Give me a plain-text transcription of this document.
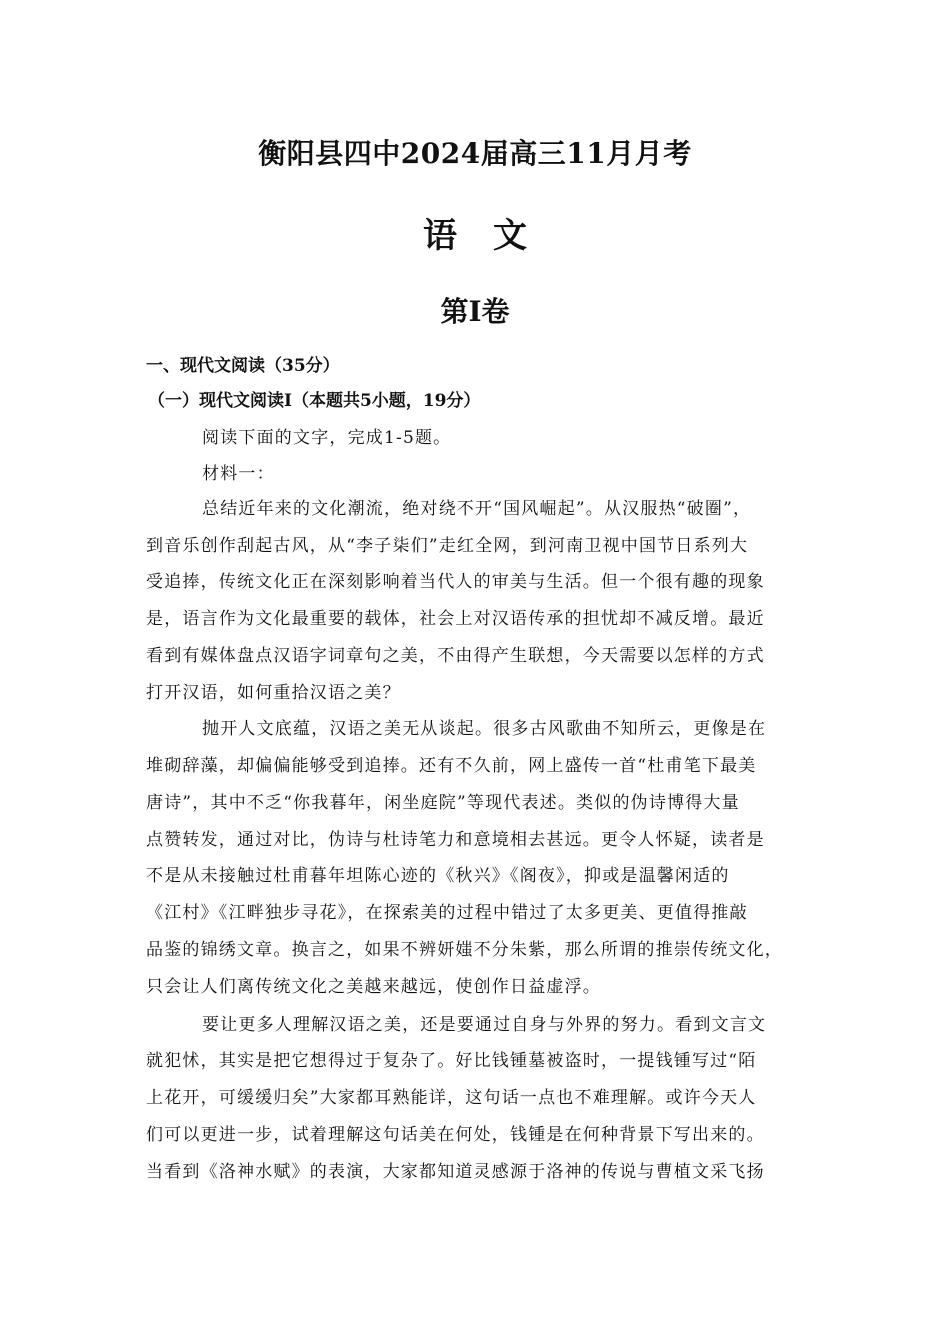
衡阳县四中2024届高三11月月考
语文
第Ⅰ卷
一、现代文阅读（35分）
（一）现代文阅读Ⅰ（本题共5小题，19分）
阅读下面的文字，完成1-5题。
材料一：
总结近年来的文化潮流，绝对绕不开“国风崛起”。从汉服热“破圈”，
到音乐创作刮起古风，从“李子柒们”走红全网，到河南卫视中国节日系列大
受追捧，传统文化正在深刻影响着当代人的审美与生活。但一个很有趣的现象
是，语言作为文化最重要的载体，社会上对汉语传承的担忧却不减反增。最近
看到有媒体盘点汉语字词章句之美，不由得产生联想，今天需要以怎样的方式
打开汉语，如何重拾汉语之美？
抛开人文底蕴，汉语之美无从谈起。很多古风歌曲不知所云，更像是在
堆砌辞藻，却偏偏能够受到追捧。还有不久前，网上盛传一首“杜甫笔下最美
唐诗”，其中不乏“你我暮年，闲坐庭院”等现代表述。类似的伪诗博得大量
点赞转发，通过对比，伪诗与杜诗笔力和意境相去甚远。更令人怀疑，读者是
不是从未接触过杜甫暮年坦陈心迹的《秋兴》《阁夜》，抑或是温馨闲适的
《江村》《江畔独步寻花》，在探索美的过程中错过了太多更美、更值得推敲
品鉴的锦绣文章。换言之，如果不辨妍媸不分朱紫，那么所谓的推崇传统文化，
只会让人们离传统文化之美越来越远，使创作日益虚浮。
要让更多人理解汉语之美，还是要通过自身与外界的努力。看到文言文
就犯怵，其实是把它想得过于复杂了。好比钱锺墓被盗时，一提钱锺写过“陌
上花开，可缓缓归矣”大家都耳熟能详，这句话一点也不难理解。或许今天人
们可以更进一步，试着理解这句话美在何处，钱锺是在何种背景下写出来的。
当看到《洛神水赋》的表演，大家都知道灵感源于洛神的传说与曹植文采飞扬
